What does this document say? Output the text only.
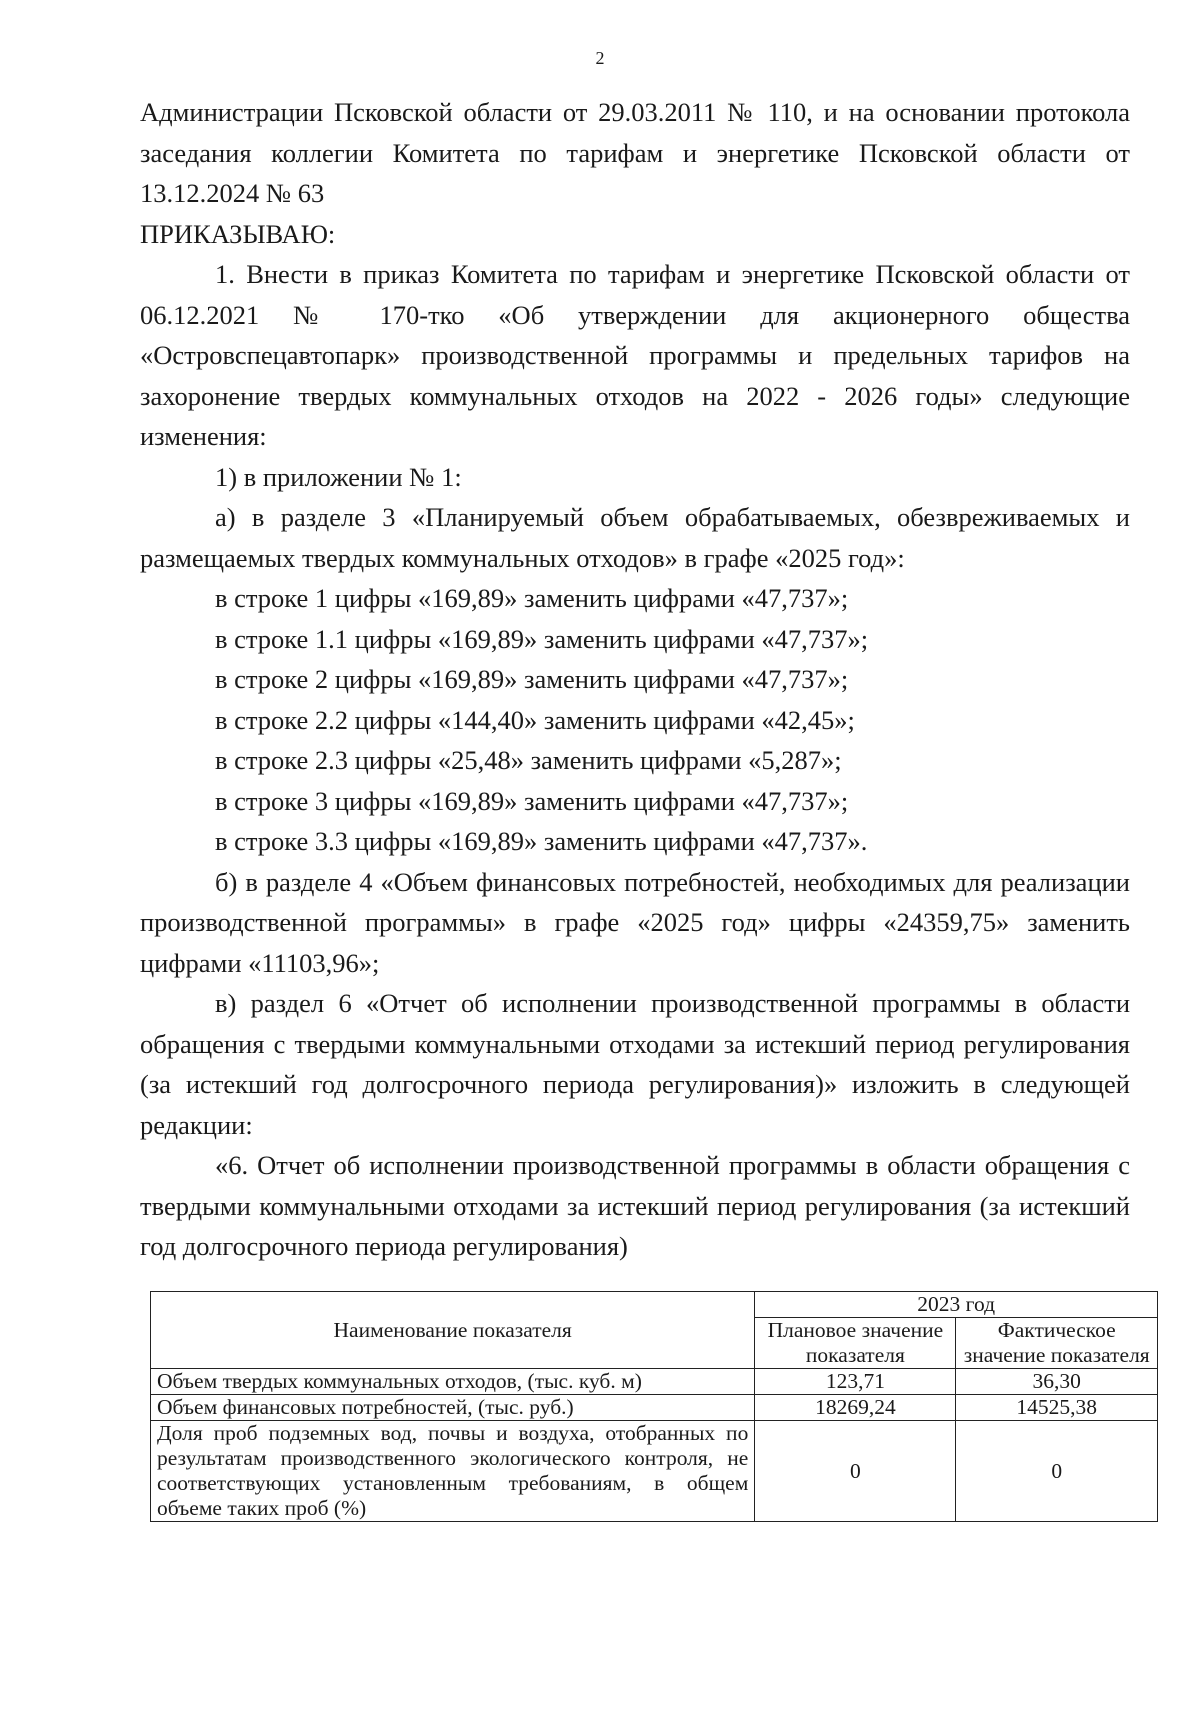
2

Администрации Псковской области от 29.03.2011 № 110, и на основании протокола заседания коллегии Комитета по тарифам и энергетике Псковской области от 13.12.2024 № 63

ПРИКАЗЫВАЮ:

1. Внести в приказ Комитета по тарифам и энергетике Псковской области от 06.12.2021 № 170-тко «Об утверждении для акционерного общества «Островспецавтопарк» производственной программы и предельных тарифов на захоронение твердых коммунальных отходов на 2022 - 2026 годы» следующие изменения:

1) в приложении № 1:

а) в разделе 3 «Планируемый объем обрабатываемых, обезвреживаемых и размещаемых твердых коммунальных отходов» в графе «2025 год»:

в строке 1 цифры «169,89» заменить цифрами «47,737»;

в строке 1.1 цифры «169,89» заменить цифрами «47,737»;

в строке 2 цифры «169,89» заменить цифрами «47,737»;

в строке 2.2 цифры «144,40» заменить цифрами «42,45»;

в строке 2.3 цифры «25,48» заменить цифрами «5,287»;

в строке 3 цифры «169,89» заменить цифрами «47,737»;

в строке 3.3 цифры «169,89» заменить цифрами «47,737».

б) в разделе 4 «Объем финансовых потребностей, необходимых для реализации производственной программы» в графе «2025 год» цифры «24359,75» заменить цифрами «11103,96»;

в) раздел 6 «Отчет об исполнении производственной программы в области обращения с твердыми коммунальными отходами за истекший период регулирования (за истекший год долгосрочного периода регулирования)» изложить в следующей редакции:

«6. Отчет об исполнении производственной программы в области обращения с твердыми коммунальными отходами за истекший период регулирования (за истекший год долгосрочного периода регулирования)

Наименование показателя	2023 год	
	Плановое значение показателя	Фактическое значение показателя
Объем твердых коммунальных отходов, (тыс. куб. м)	123,71	36,30
Объем финансовых потребностей, (тыс. руб.)	18269,24	14525,38
Доля проб подземных вод, почвы и воздуха, отобранных по результатам производственного экологического контроля, не соответствующих установленным требованиям, в общем объеме таких проб (%)	0	0
